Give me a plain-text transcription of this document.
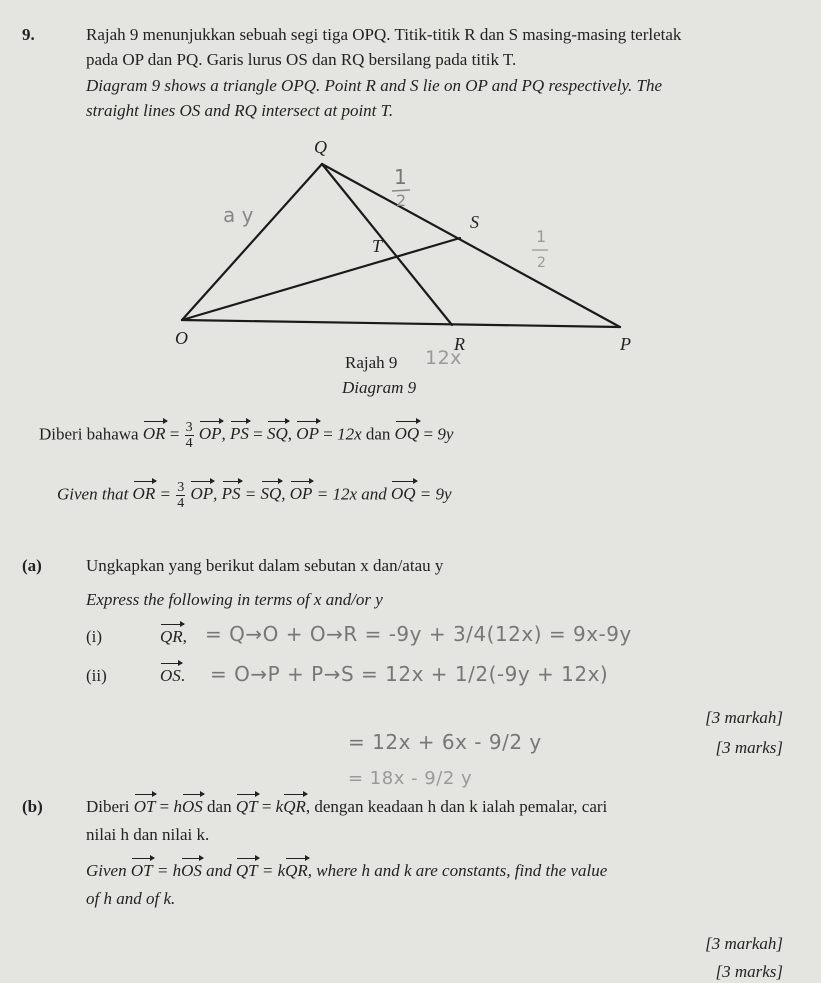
9.	Rajah 9 menunjukkan sebuah segi tiga OPQ. Titik-titik R dan S masing-masing terletak
pada OP dan PQ. Garis lurus OS dan RQ bersilang pada titik T.
Diagram 9 shows a triangle OPQ. Point R and S lie on OP and PQ respectively. The
straight lines OS and RQ intersect at point T.
1
2
a y
1
2
Q
S
T
O	R	P
Rajah 9 12x
Diagram 9
Diberi bahawa OR = $\frac{3}{4}$ OP, PS = SQ, OP = 12x dan OQ = 9y
Given that OR = $\frac{3}{4}$ OP, PS = SQ, OP = 12x and OQ = 9y
(a)	Ungkapkan yang berikut dalam sebutan x dan/atau y
Express the following in terms of x and/or y
(i)	QR, = Q→O + O→R = -9y + 3/4(12x) = 9x-9y
(ii)	OS. = O→P + P→S = 12x + 1/2(-9y + 12x)
= 12x + 6x - 9/2 y
= 18x - 9/2 y
[3 markah]
[3 marks]
(b)	Diberi OT = hOS dan QT = kQR, dengan keadaan h dan k ialah pemalar, cari
nilai h dan nilai k.
Given OT = hOS and QT = kQR, where h and k are constants, find the value
of h and of k.
[3 markah]
[3 marks]
